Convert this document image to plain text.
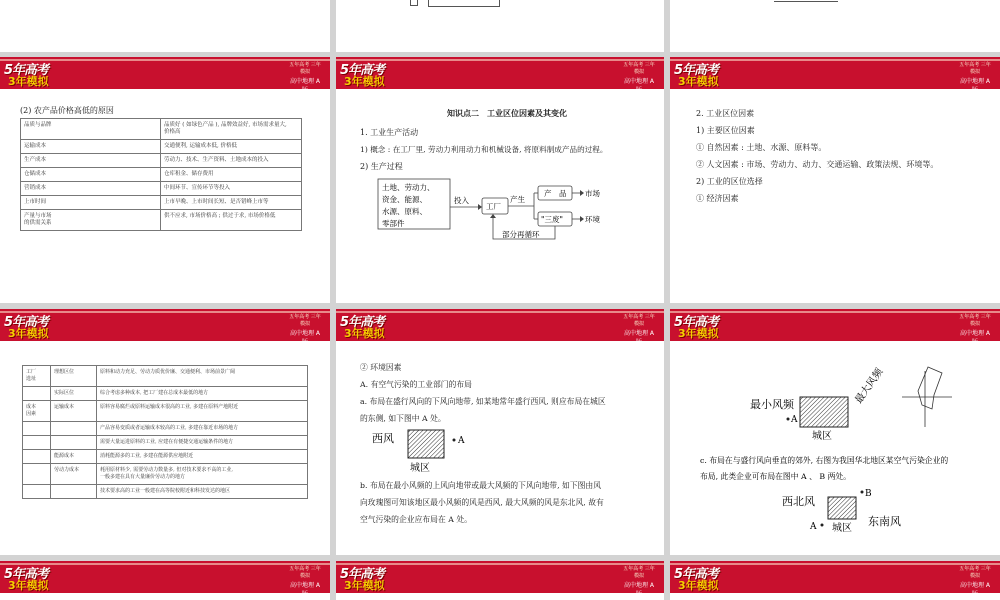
5年高考
3年模拟
五年高考 三年模拟
高中地理 A版
(2) 农产品价格高低的原因
品质与品牌	品质好 ( 如绿色产品 ), 品牌效益好, 市场需求量大,
价格高
运输成本	交通便利, 运输成本低, 价格低
生产成本	劳动力、技术、生产资料、土地成本的投入
仓储成本	仓库租金、储存费用
营销成本	中间环节、宣传环节等投入
上市时间	上市早晚、上市时间长短、是否错峰上市等
产量与市场
的供需关系	供不应求, 市场价格高 ; 供过于求, 市场价格低
5年高考
3年模拟
五年高考 三年模拟
高中地理 A版
知识点二　工业区位因素及其变化
1. 工业生产活动
1) 概念 : 在工厂里, 劳动力利用动力和机械设备, 将原料制成产品的过程。
2) 生产过程
土地、劳动力、
资金、能源、
水源、原料、
零部件
投入
工厂
产生
产　品 市场
"三废"	环境
部分再循环
5年高考
3年模拟
五年高考 三年模拟
高中地理 A版
2. 工业区位因素
1) 主要区位因素
① 自然因素 : 土地、水源、原料等。
② 人文因素 : 市场、劳动力、动力、交通运输、政策法规、环境等。
2) 工业的区位选择
① 经济因素
5年高考
3年模拟
五年高考 三年模拟
高中地理 A版
工厂
选址	理想区位	原料和动力充足、劳动力质优价廉、交通便利、市场前景广阔
	实际区位	综合考虑多种成本, 把工厂建在总成本最低的地方
成本
因素	运输成本	原料容易腐烂或原料运输成本很高的工业, 多建在原料产地附近
		产品容易变质或者运输成本较高的工业, 多建在靠近市场的地方
		需要大量运进原料的工业, 应建在有便捷交通运输条件的地方
	能源成本	消耗能源多的工业, 多建在能源供应地附近
	劳动力成本	耗用原材料少, 需要劳动力数量多, 但对技术要求不高的工业,
一般多建在具有大量廉价劳动力的地方
		技术要求高的工业一般建在高等院校附近和科技发达的地区
5年高考
3年模拟
五年高考 三年模拟
高中地理 A版
② 环境因素
A. 有空气污染的工业部门的布局
a. 布局在盛行风向的下风向地带, 如某地常年盛行西风, 则应布局在城区
的东侧, 如下图中 A 处。
b. 布局在最小风频的上风向地带或最大风频的下风向地带, 如下图由风
向玫瑰图可知该地区最小风频的风是西风, 最大风频的风是东北风, 故有
空气污染的企业应布局在 A 处。
西风	A
城区
5年高考
3年模拟
五年高考 三年模拟
高中地理 A版
最小风频
A
最大风频
城区
c. 布局在与盛行风向垂直的郊外, 右图为我国华北地区某空气污染企业的
布局, 此类企业可布局在图中 A 、 B 两处。
西北风
B
A 城区
东南风
5年高考
3年模拟
五年高考 三年模拟
高中地理 A版
5年高考
3年模拟
五年高考 三年模拟
高中地理 A版
5年高考
3年模拟
五年高考 三年模拟
高中地理 A版
